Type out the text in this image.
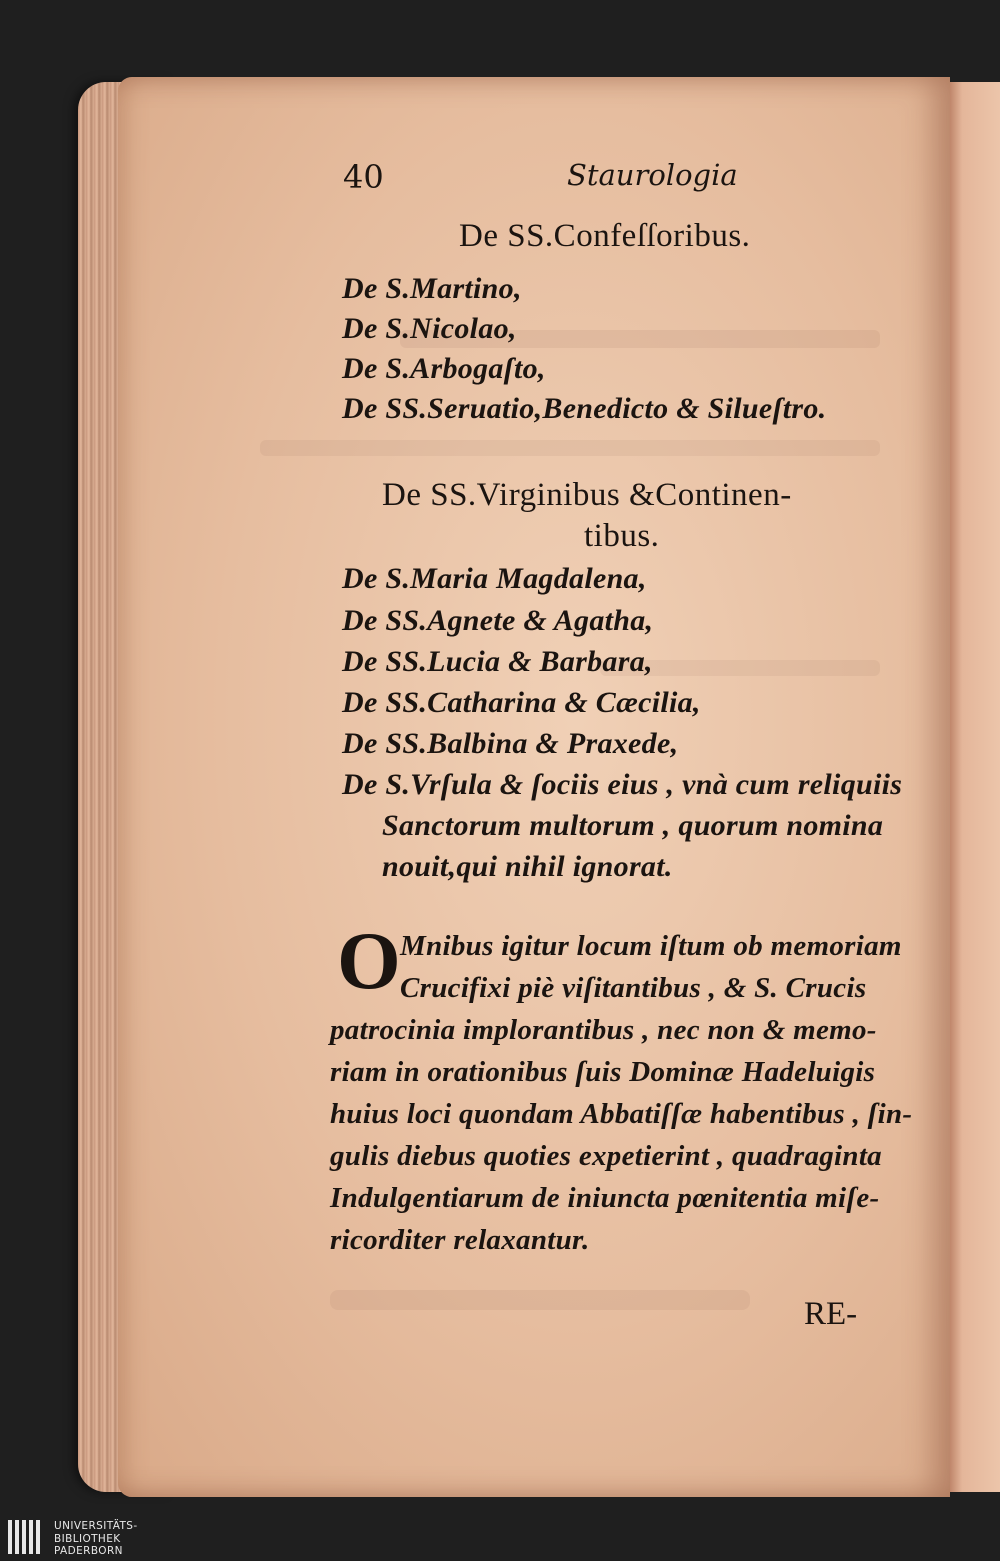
40	Staurologia
De SS.Confeſſoribus.
De S.Martino,
De S.Nicolao,
De S.Arbogaſto,
De SS.Seruatio,Benedicto & Silueſtro.
De SS.Virginibus &Continen-
tibus.
De S.Maria Magdalena,
De SS.Agnete & Agatha,
De SS.Lucia & Barbara,
De SS.Catharina & Cæcilia,
De SS.Balbina & Praxede,
De S.Vrſula & ſociis eius , vnà cum reliquiis
Sanctorum multorum , quorum nomina
nouit,qui nihil ignorat.
O Mnibus igitur locum iſtum ob memoriam
Crucifixi piè viſitantibus , & S. Crucis
patrocinia implorantibus , nec non & memo-
riam in orationibus ſuis Dominæ Hadeluigis
huius loci quondam Abbatiſſæ habentibus , ſin-
gulis diebus quoties expetierint , quadraginta
Indulgentiarum de iniuncta pœnitentia miſe-
ricorditer relaxantur.
RE-
UNIVERSITÄTS-
BIBLIOTHEK
PADERBORN
